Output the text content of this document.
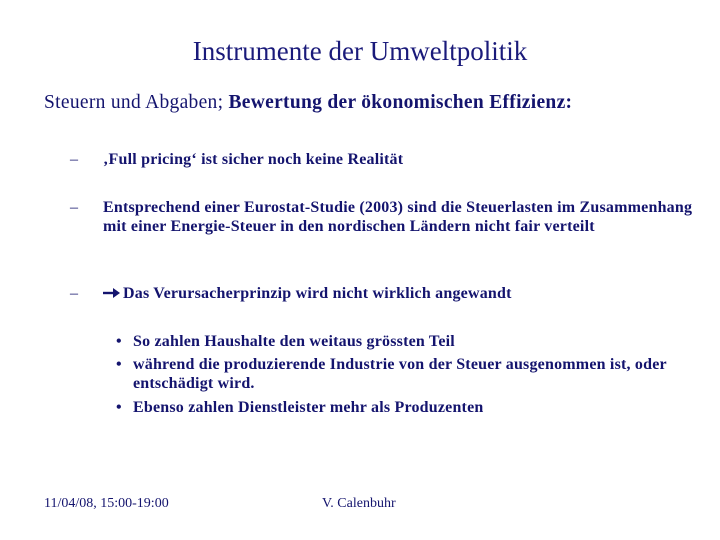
Instrumente der Umweltpolitik
Steuern und Abgaben; Bewertung der ökonomischen Effizienz:
– ‚Full pricing‘ ist sicher noch keine Realität
– Entsprechend einer Eurostat-Studie (2003) sind die Steuerlasten im Zusammenhang mit einer Energie-Steuer in den nordischen Ländern nicht fair verteilt
–	Das Verursacherprinzip wird nicht wirklich angewandt
• So zahlen Haushalte den weitaus grössten Teil
• während die produzierende Industrie von der Steuer ausgenommen ist, oder entschädigt wird.
• Ebenso zahlen Dienstleister mehr als Produzenten
11/04/08, 15:00-19:00	V. Calenbuhr
